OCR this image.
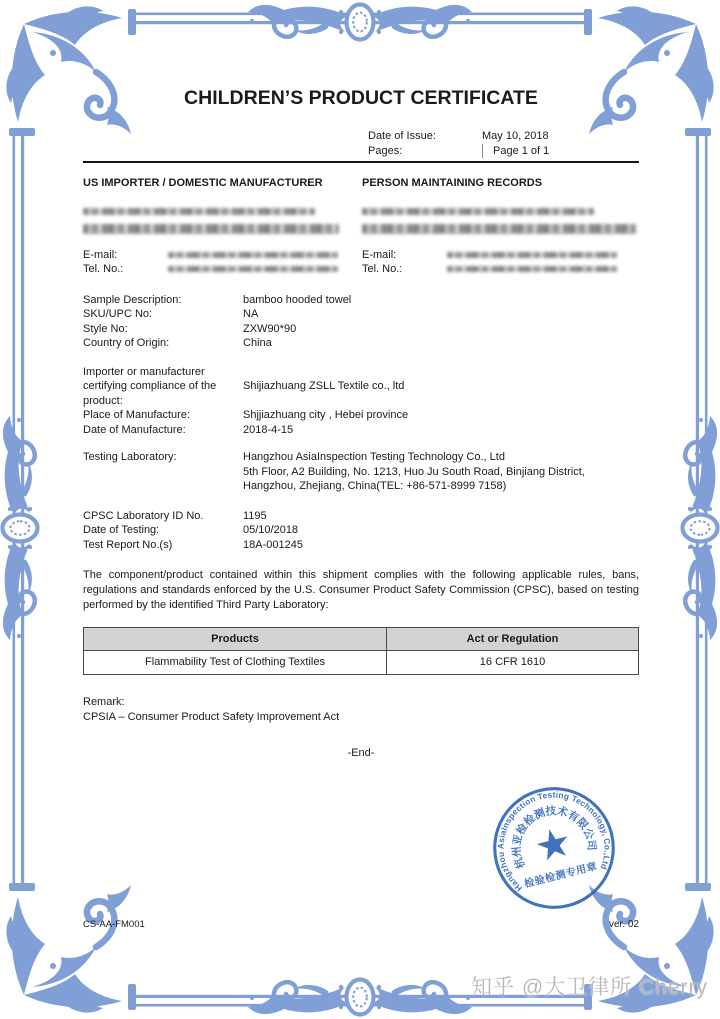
CHILDREN’S PRODUCT CERTIFICATE
Date of Issue:	May 10, 2018
Pages:	Page 1 of 1
US IMPORTER / DOMESTIC MANUFACTURER
E-mail:
Tel. No.:
PERSON MAINTAINING RECORDS
E-mail:
Tel. No.:
Sample Description:	bamboo hooded towel
SKU/UPC No:	NA
Style No:	ZXW90*90
Country of Origin:	China
Importer or manufacturer certifying compliance of the product:
Shijiazhuang ZSLL Textile co., ltd
Place of Manufacture:	Shjjiazhuang city , Hebei province
Date of Manufacture:	2018-4-15
Testing Laboratory:	Hangzhou AsiaInspection Testing Technology Co., Ltd
5th Floor, A2 Building, No. 1213, Huo Ju South Road, Binjiang District,
Hangzhou, Zhejiang, China(TEL: +86-571-8999 7158)
CPSC Laboratory ID No.	1195
Date of Testing:	05/10/2018
Test Report No.(s)	18A-001245

The component/product contained within this shipment complies with the following applicable rules, bans, regulations and standards enforced by the U.S. Consumer Product Safety Commission (CPSC), based on testing performed by the identified Third Party Laboratory:

Products	Act or Regulation
Flammability Test of Clothing Textiles	16 CFR 1610
Remark:
CPSIA – Consumer Product Safety Improvement Act
-End-
Hangzhou AsiaInspection Testing Technology, Co.,Ltd
杭州亚检检测技术有限公司
检验检测专用章
CS-AA-FM001	ver. 02
知乎 @大卫律所 Cherry
